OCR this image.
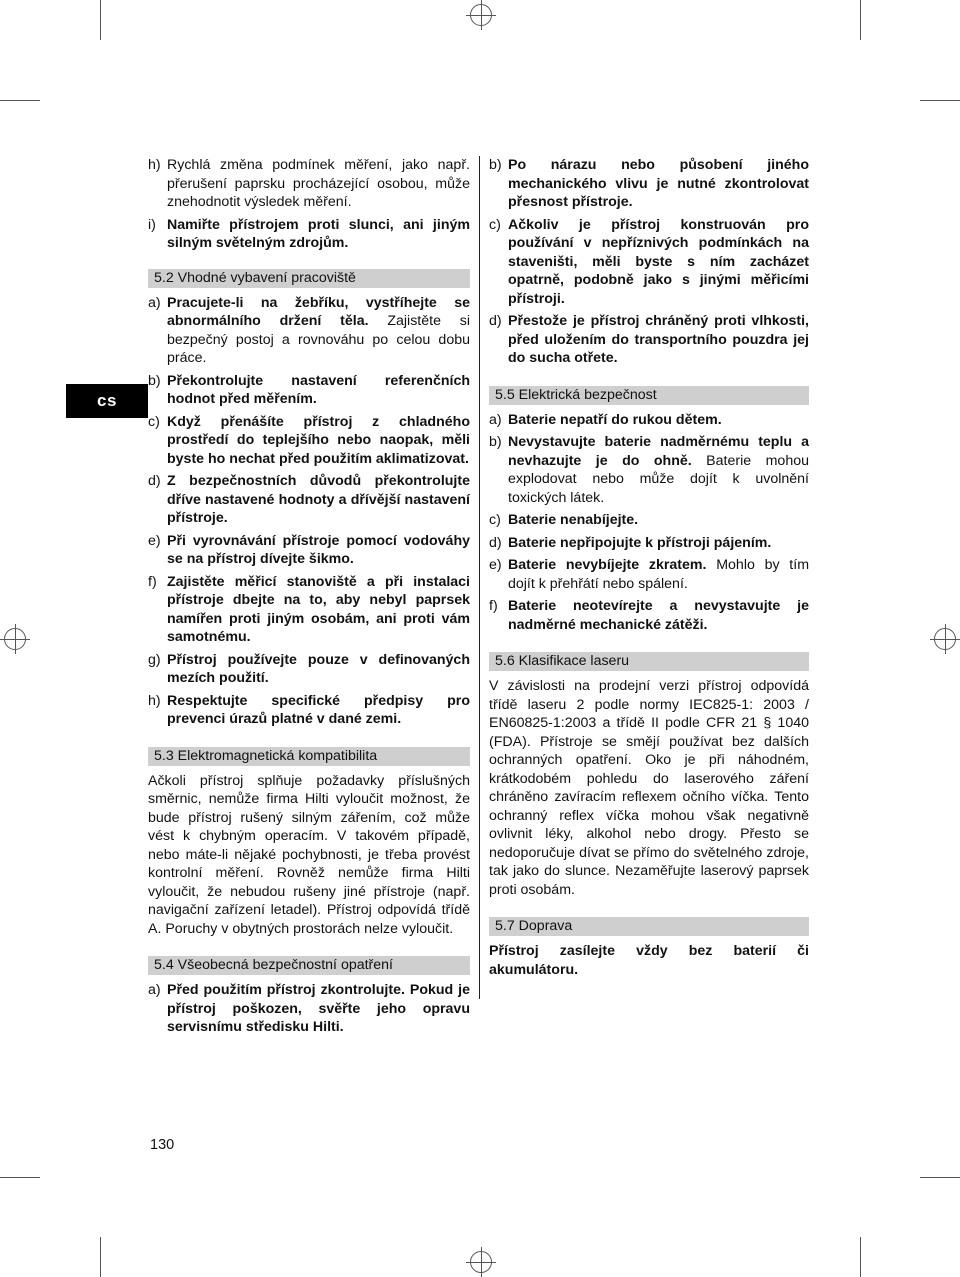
cs
h) Rychlá změna podmínek měření, jako např. přerušení paprsku procházející osobou, může znehodnotit výsledek měření.
i) Namiřte přístrojem proti slunci, ani jiným silným světelným zdrojům.
5.2 Vhodné vybavení pracoviště
a) Pracujete-li na žebříku, vystříhejte se abnormálního držení těla. Zajistěte si bezpečný postoj a rovnováhu po celou dobu práce.
b) Překontrolujte nastavení referenčních hodnot před měřením.
c) Když přenášíte přístroj z chladného prostředí do teplejšího nebo naopak, měli byste ho nechat před použitím aklimatizovat.
d) Z bezpečnostních důvodů překontrolujte dříve nastavené hodnoty a dřívější nastavení přístroje.
e) Při vyrovnávání přístroje pomocí vodováhy se na přístroj dívejte šikmo.
f) Zajistěte měřicí stanoviště a při instalaci přístroje dbejte na to, aby nebyl paprsek namířen proti jiným osobám, ani proti vám samotnému.
g) Přístroj používejte pouze v definovaných mezích použití.
h) Respektujte specifické předpisy pro prevenci úrazů platné v dané zemi.
5.3 Elektromagnetická kompatibilita

Ačkoli přístroj splňuje požadavky příslušných směrnic, nemůže firma Hilti vyloučit možnost, že bude přístroj rušený silným zářením, což může vést k chybným operacím. V takovém případě, nebo máte-li nějaké pochybnosti, je třeba provést kontrolní měření. Rovněž nemůže firma Hilti vyloučit, že nebudou rušeny jiné přístroje (např. navigační zařízení letadel). Přístroj odpovídá třídě A. Poruchy v obytných prostorách nelze vyloučit.

5.4 Všeobecná bezpečnostní opatření
a) Před použitím přístroj zkontrolujte. Pokud je přístroj poškozen, svěřte jeho opravu servisnímu středisku Hilti.
b) Po nárazu nebo působení jiného mechanického vlivu je nutné zkontrolovat přesnost přístroje.
c) Ačkoliv je přístroj konstruován pro používání v nepříznivých podmínkách na staveništi, měli byste s ním zacházet opatrně, podobně jako s jinými měřicími přístroji.
d) Přestože je přístroj chráněný proti vlhkosti, před uložením do transportního pouzdra jej do sucha otřete.
5.5 Elektrická bezpečnost
a) Baterie nepatří do rukou dětem.
b) Nevystavujte baterie nadměrnému teplu a nevhazujte je do ohně. Baterie mohou explodovat nebo může dojít k uvolnění toxických látek.
c) Baterie nenabíjejte.
d) Baterie nepřipojujte k přístroji pájením.
e) Baterie nevybíjejte zkratem. Mohlo by tím dojít k přehřátí nebo spálení.
f) Baterie neotevírejte a nevystavujte je nadměrné mechanické zátěži.
5.6 Klasifikace laseru

V závislosti na prodejní verzi přístroj odpovídá třídě laseru 2 podle normy IEC825-1: 2003 / EN60825-1:2003 a třídě II podle CFR 21 § 1040 (FDA). Přístroje se smějí používat bez dalších ochranných opatření. Oko je při náhodném, krátkodobém pohledu do laserového záření chráněno zavíracím reflexem očního víčka. Tento ochranný reflex víčka mohou však negativně ovlivnit léky, alkohol nebo drogy. Přesto se nedoporučuje dívat se přímo do světelného zdroje, tak jako do slunce. Nezaměřujte laserový paprsek proti osobám.

5.7 Doprava

Přístroj zasílejte vždy bez baterií či akumulátoru.

130
